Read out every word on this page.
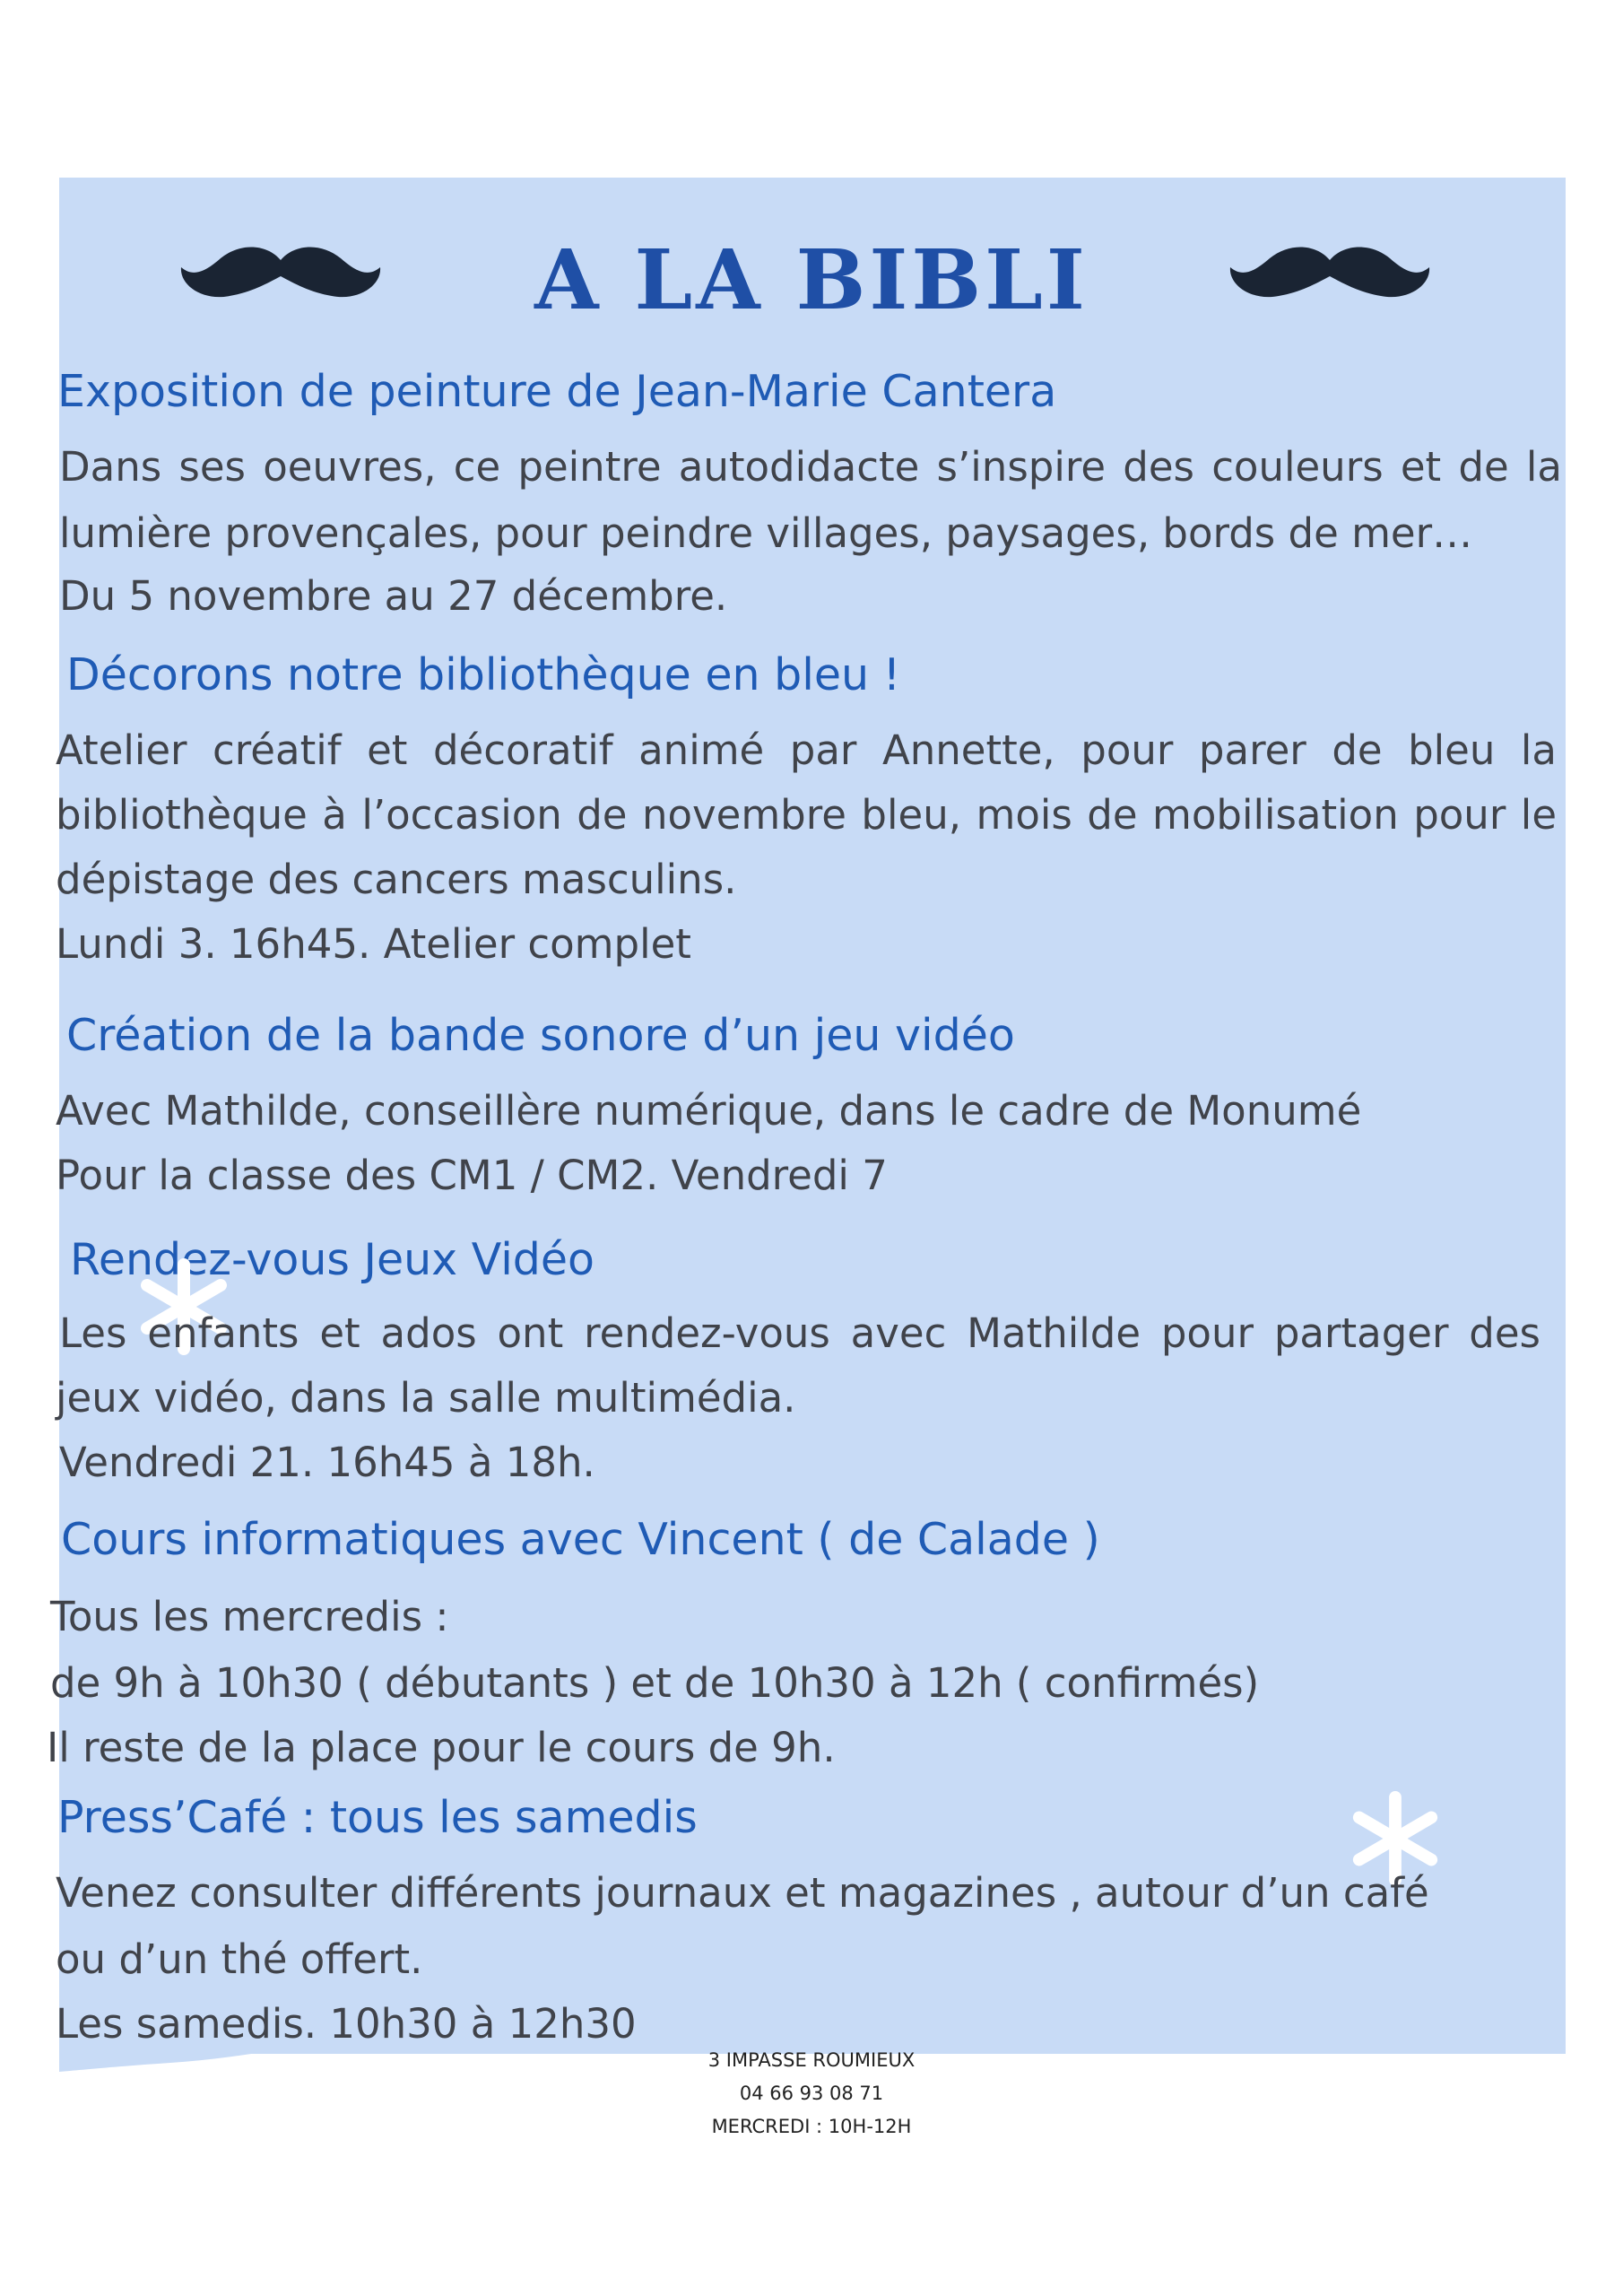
A LA BIBLI
Exposition de peinture de Jean-Marie Cantera

Dans ses oeuvres, ce peintre autodidacte s’inspire des couleurs et de la

lumière provençales, pour peindre villages, paysages, bords de mer…

Du 5 novembre au 27 décembre.

Décorons notre bibliothèque en bleu !

Atelier créatif et décoratif animé par Annette, pour parer de bleu la

bibliothèque à l’occasion de novembre bleu, mois de mobilisation pour le

dépistage des cancers masculins.

Lundi 3. 16h45. Atelier complet

Création de la bande sonore d’un jeu vidéo

Avec Mathilde, conseillère numérique, dans le cadre de Monumé

Pour la classe des CM1 / CM2. Vendredi 7

Rendez-vous Jeux Vidéo

Les enfants et ados ont rendez-vous avec Mathilde pour partager des

jeux vidéo, dans la salle multimédia.

Vendredi 21. 16h45 à 18h.

Cours informatiques avec Vincent ( de Calade )

Tous les mercredis :

de 9h à 10h30 ( débutants ) et de 10h30 à 12h ( confirmés)

Il reste de la place pour le cours de 9h.

Press’Café : tous les samedis

Venez consulter différents journaux et magazines , autour d’un café

ou d’un thé offert.

Les samedis. 10h30 à 12h30

3 IMPASSE ROUMIEUX

04 66 93 08 71

MERCREDI : 10H-12H
